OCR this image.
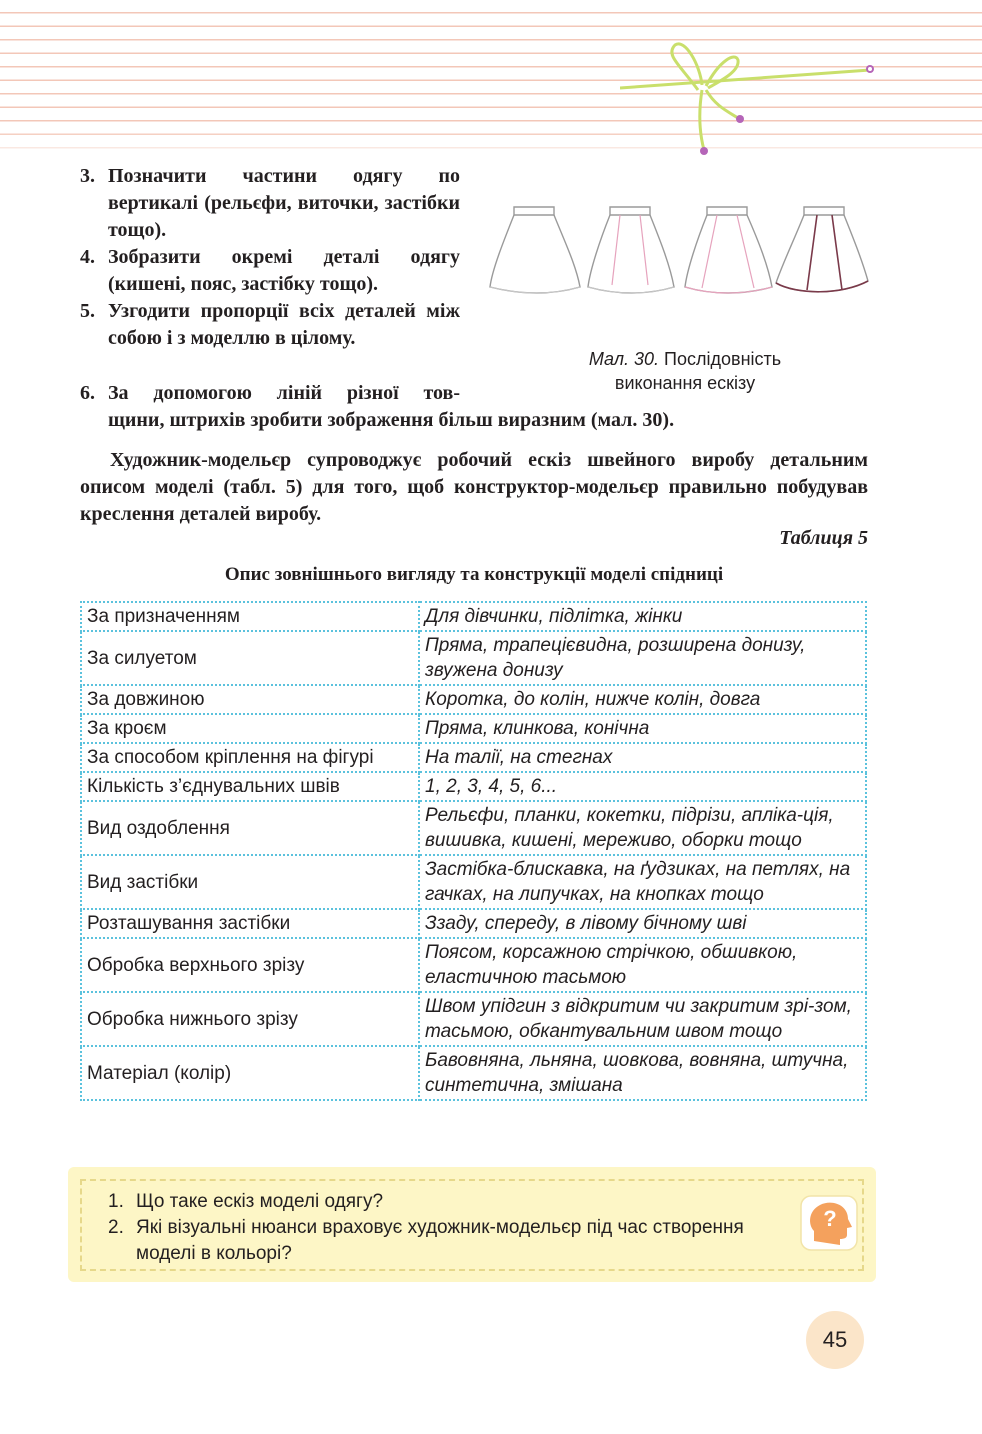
3. Позначити частини одягу по вертикалі (рельєфи, виточки, застібки тощо).
4. Зобразити окремі деталі одягу (кишені, пояс, застібку тощо).
5. Узгодити пропорції всіх деталей між собою і з моделлю в цілому.
6. За допомогою ліній різної тов-
щини, штрихів зробити зображення більш виразним (мал. 30).
Мал. 30. Послідовність
виконання ескізу
Художник-модельєр супроводжує робочий ескіз швейного виробу детальним описом моделі (табл. 5) для того, щоб конструктор-модельєр правильно побудував креслення деталей виробу.
Таблиця 5
Опис зовнішнього вигляду та конструкції моделі спідниці
За призначенням	Для дівчинки, підлітка, жінки
За силуетом	Пряма, трапецієвидна, розширена донизу, звужена донизу
За довжиною	Коротка, до колін, нижче колін, довга
За кроєм	Пряма, клинкова, конічна
За способом кріплення на фігурі	На талії, на стегнах
Кількість з’єднувальних швів	1, 2, 3, 4, 5, 6...
Вид оздоблення	Рельєфи, планки, кокетки, підрізи, апліка-ція, вишивка, кишені, мереживо, оборки тощо
Вид застібки	Застібка-блискавка, на ґудзиках, на петлях, на гачках, на липучках, на кнопках тощо
Розташування застібки	Ззаду, спереду, в лівому бічному шві
Обробка верхнього зрізу	Поясом, корсажною стрічкою, обшивкою, еластичною тасьмою
Обробка нижнього зрізу	Швом упідгин з відкритим чи закритим зрі-зом, тасьмою, обкантувальним швом тощо
Матеріал (колір)	Бавовняна, льняна, шовкова, вовняна, штучна, синтетична, змішана
1. Що таке ескіз моделі одягу?
2. Які візуальні нюанси враховує художник-модельєр під час створення моделі в кольорі?
?
45
